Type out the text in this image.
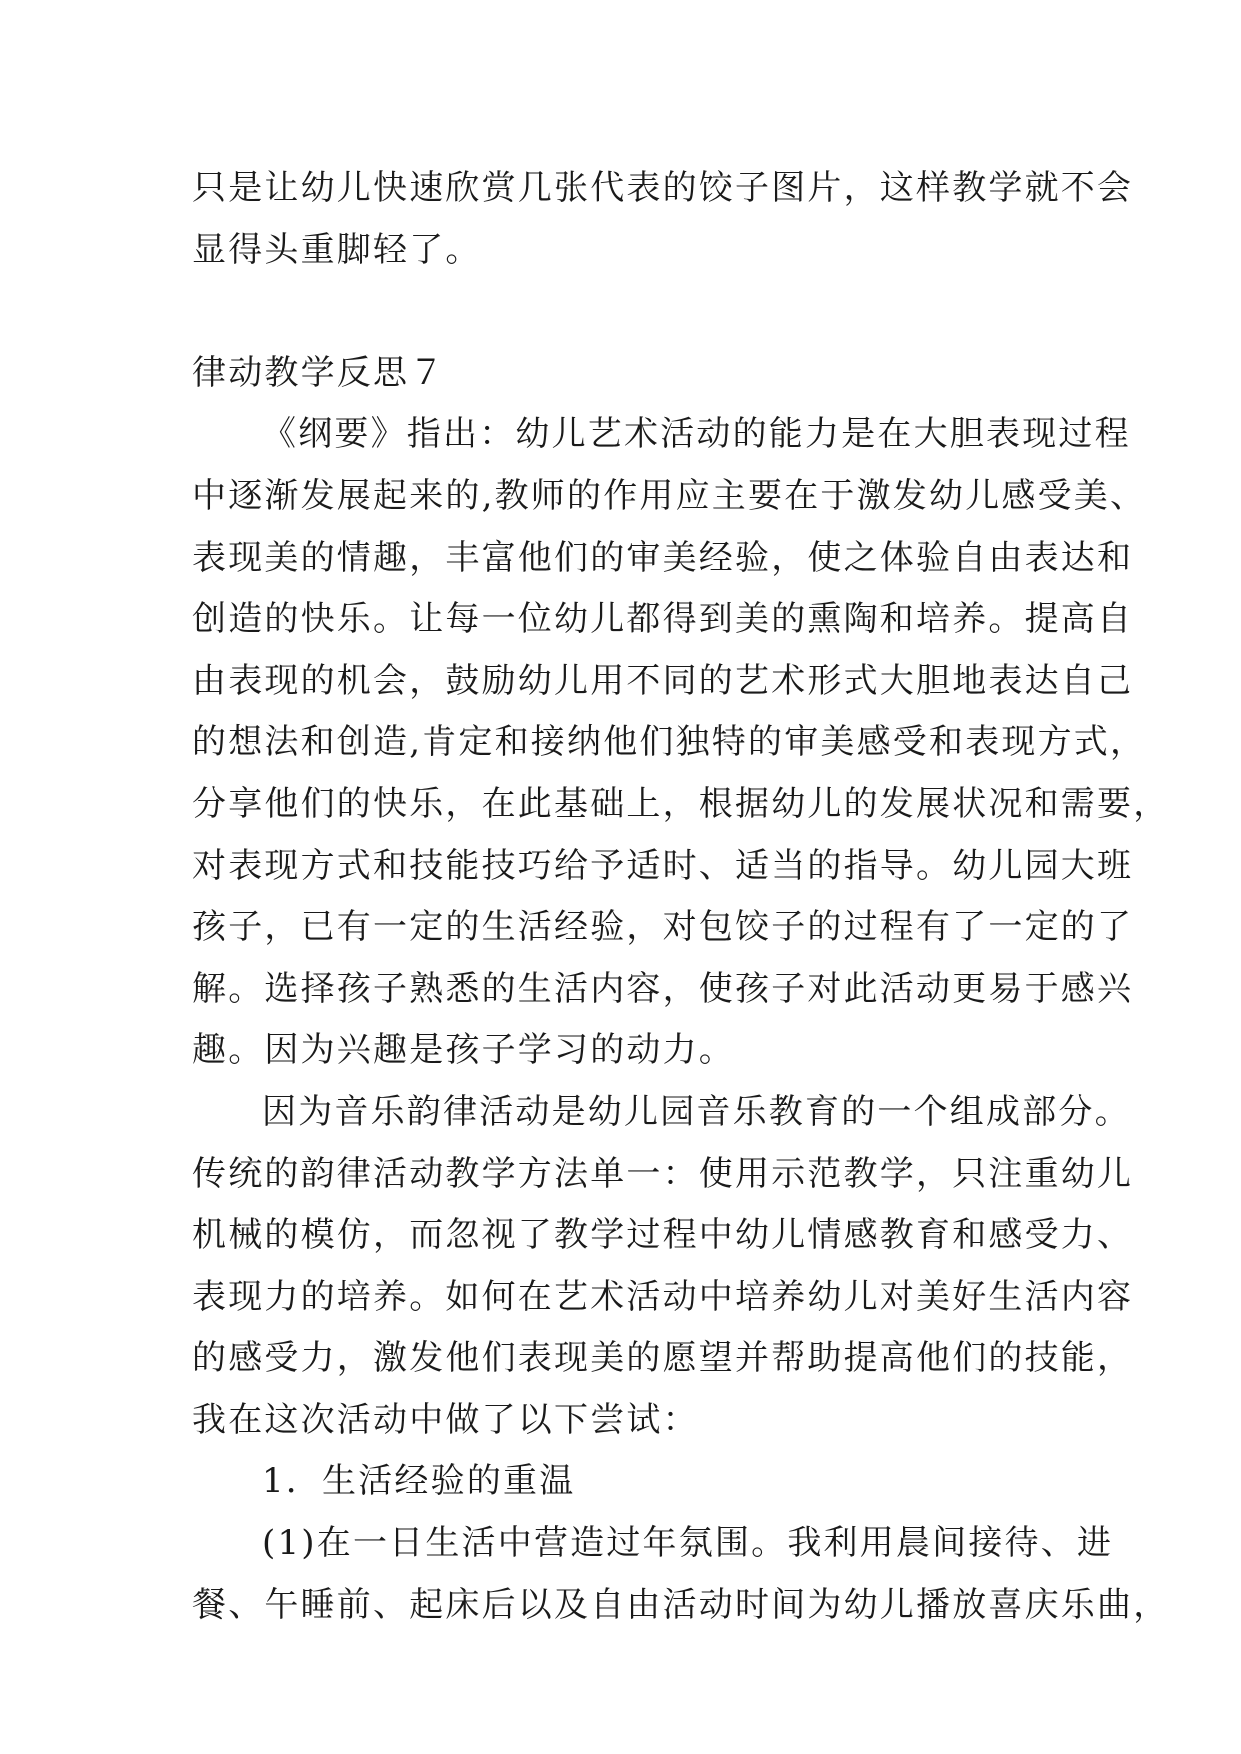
只是让幼儿快速欣赏几张代表的饺子图片，这样教学就不会
显得头重脚轻了。
律动教学反思７
《纲要》指出：幼儿艺术活动的能力是在大胆表现过程
中逐渐发展起来的,教师的作用应主要在于激发幼儿感受美、
表现美的情趣，丰富他们的审美经验，使之体验自由表达和
创造的快乐。让每一位幼儿都得到美的熏陶和培养。提高自
由表现的机会，鼓励幼儿用不同的艺术形式大胆地表达自己
的想法和创造,肯定和接纳他们独特的审美感受和表现方式，
分享他们的快乐，在此基础上，根据幼儿的发展状况和需要，
对表现方式和技能技巧给予适时、适当的指导。幼儿园大班
孩子，已有一定的生活经验，对包饺子的过程有了一定的了
解。选择孩子熟悉的生活内容，使孩子对此活动更易于感兴
趣。因为兴趣是孩子学习的动力。
因为音乐韵律活动是幼儿园音乐教育的一个组成部分。
传统的韵律活动教学方法单一：使用示范教学，只注重幼儿
机械的模仿，而忽视了教学过程中幼儿情感教育和感受力、
表现力的培养。如何在艺术活动中培养幼儿对美好生活内容
的感受力，激发他们表现美的愿望并帮助提高他们的技能，
我在这次活动中做了以下尝试：
1．生活经验的重温
(1)在一日生活中营造过年氛围。我利用晨间接待、进
餐、午睡前、起床后以及自由活动时间为幼儿播放喜庆乐曲，
